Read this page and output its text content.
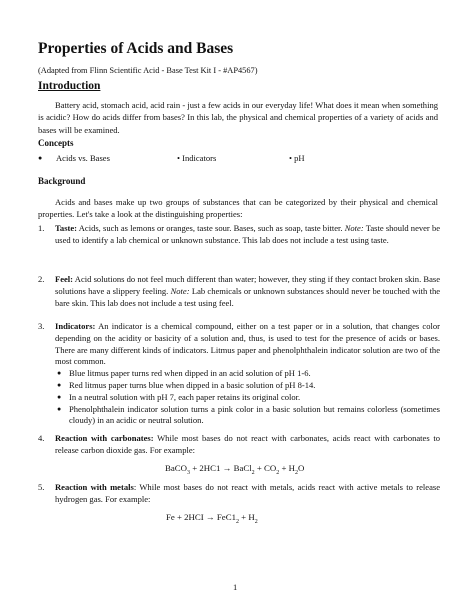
Properties of Acids and Bases
(Adapted from Flinn Scientific Acid - Base Test Kit I - #AP4567)
Introduction

Battery acid, stomach acid, acid rain - just a few acids in our everyday life! What does it mean when something is acidic? How do acids differ from bases? In this lab, the physical and chemical properties of a variety of acids and bases will be examined.

Concepts
● Acids vs. Bases	• Indicators	• pH
Background

Acids and bases make up two groups of substances that can be categorized by their physical and chemical properties. Let's take a look at the distinguishing properties:

1. Taste: Acids, such as lemons or oranges, taste sour. Bases, such as soap, taste bitter. Note: Taste should never be used to identify a lab chemical or unknown substance. This lab does not include a test using taste.
2. Feel: Acid solutions do not feel much different than water; however, they sting if they contact broken skin. Base solutions have a slippery feeling. Note: Lab chemicals or unknown substances should never be touched with the bare skin. This lab does not include a test using feel.
3. Indicators: An indicator is a chemical compound, either on a test paper or in a solution, that changes color depending on the acidity or basicity of a solution and, thus, is used to test for the presence of acids or bases. There are many different kinds of indicators. Litmus paper and phenolphthalein indicator solution are two of the most common.
● Blue litmus paper turns red when dipped in an acid solution of pH 1-6.
● Red litmus paper turns blue when dipped in a basic solution of pH 8-14.
● In a neutral solution with pH 7, each paper retains its original color.
● Phenolphthalein indicator solution turns a pink color in a basic solution but remains colorless (sometimes cloudy) in an acidic or neutral solution.
4. Reaction with carbonates: While most bases do not react with carbonates, acids react with carbonates to release carbon dioxide gas. For example:
BaCO$_3$ + 2HC1 → BaCl$_2$ + $CO_2 + H_2O$
5. Reaction with metals: While most bases do not react with metals, acids react with active metals to release hydrogen gas. For example:
$Fe + 2HCI \to FeC1_2 + H_2$
1
